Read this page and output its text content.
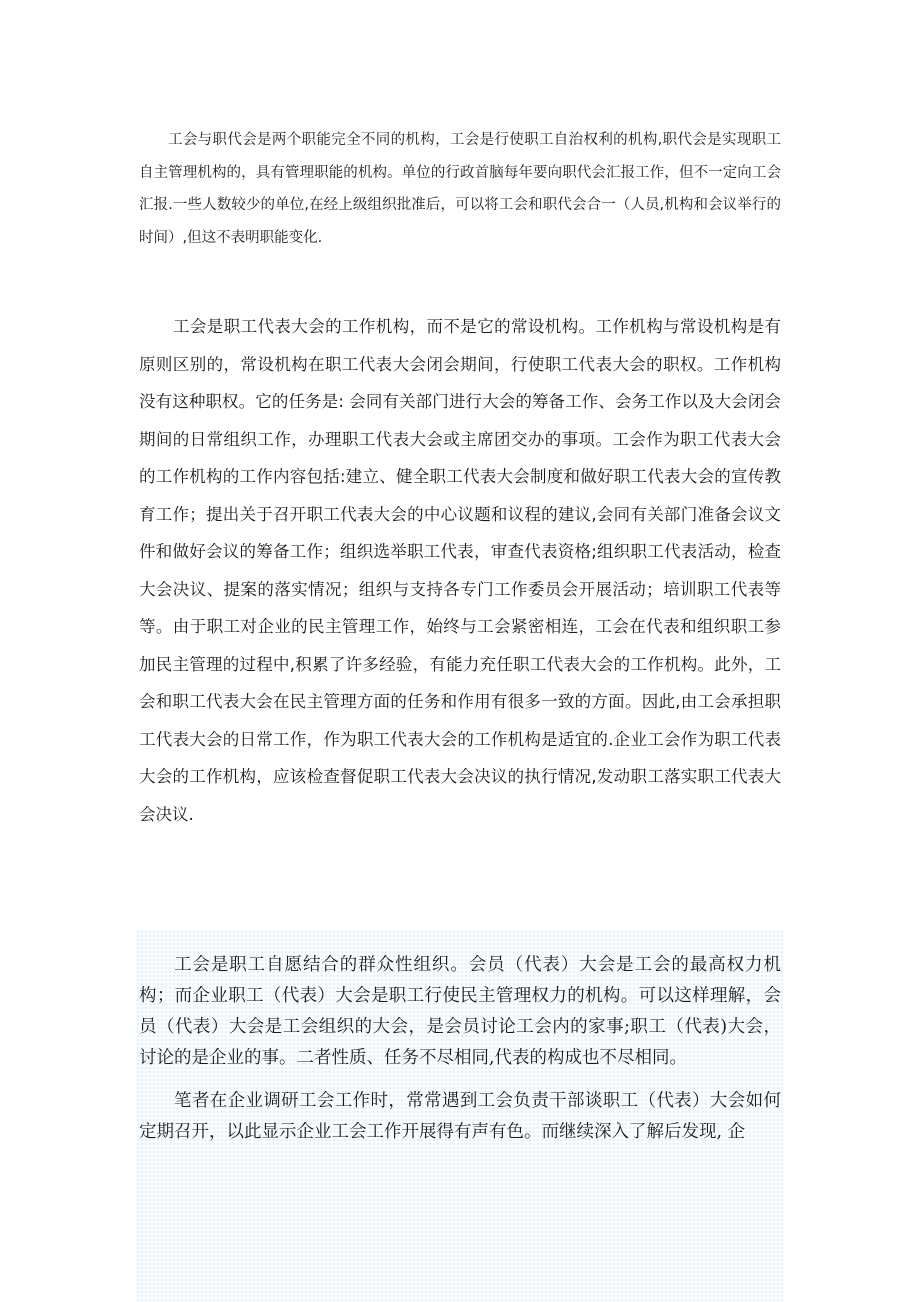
工会与职代会是两个职能完全不同的机构，工会是行使职工自治权利的机构,职代会是实现职工自主管理机构的，具有管理职能的机构。单位的行政首脑每年要向职代会汇报工作，但不一定向工会汇报.一些人数较少的单位,在经上级组织批准后，可以将工会和职代会合一（人员,机构和会议举行的时间）,但这不表明职能变化.

工会是职工代表大会的工作机构，而不是它的常设机构。工作机构与常设机构是有原则区别的，常设机构在职工代表大会闭会期间，行使职工代表大会的职权。工作机构没有这种职权。它的任务是: 会同有关部门进行大会的筹备工作、会务工作以及大会闭会期间的日常组织工作，办理职工代表大会或主席团交办的事项。工会作为职工代表大会的工作机构的工作内容包括:建立、健全职工代表大会制度和做好职工代表大会的宣传教育工作；提出关于召开职工代表大会的中心议题和议程的建议,会同有关部门准备会议文件和做好会议的筹备工作；组织选举职工代表，审查代表资格;组织职工代表活动，检查大会决议、提案的落实情况；组织与支持各专门工作委员会开展活动；培训职工代表等等。由于职工对企业的民主管理工作，始终与工会紧密相连，工会在代表和组织职工参加民主管理的过程中,积累了许多经验，有能力充任职工代表大会的工作机构。此外，工会和职工代表大会在民主管理方面的任务和作用有很多一致的方面。因此,由工会承担职工代表大会的日常工作，作为职工代表大会的工作机构是适宜的.企业工会作为职工代表大会的工作机构，应该检查督促职工代表大会决议的执行情况,发动职工落实职工代表大会决议.

工会是职工自愿结合的群众性组织。会员（代表）大会是工会的最高权力机构；而企业职工（代表）大会是职工行使民主管理权力的机构。可以这样理解，会员（代表）大会是工会组织的大会，是会员讨论工会内的家事;职工（代表)大会，讨论的是企业的事。二者性质、任务不尽相同,代表的构成也不尽相同。

笔者在企业调研工会工作时，常常遇到工会负责干部谈职工（代表）大会如何定期召开，以此显示企业工会工作开展得有声有色。而继续深入了解后发现, 企
